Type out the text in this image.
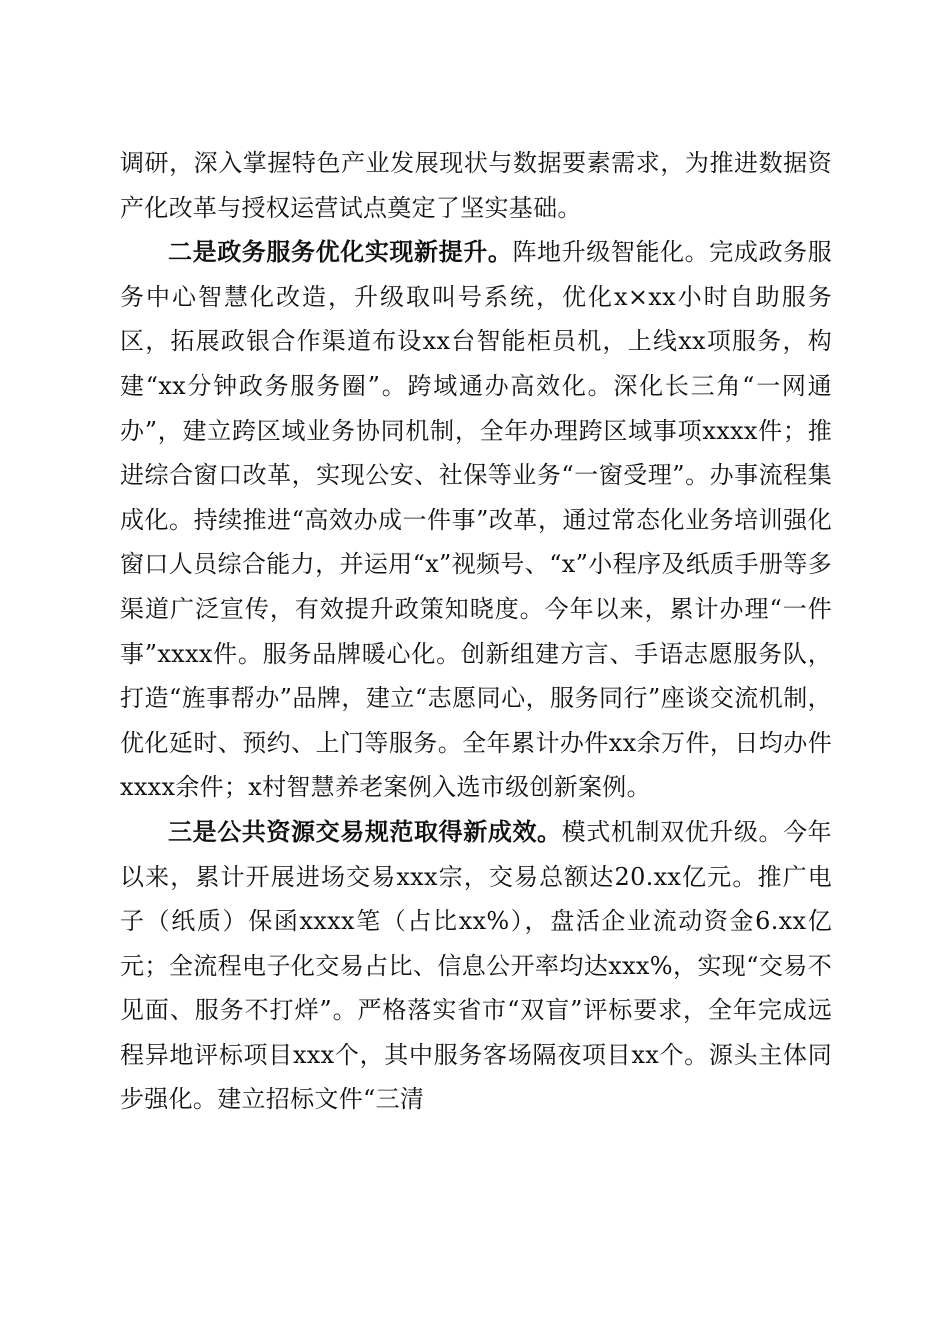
调研，深入掌握特色产业发展现状与数据要素需求，为推进数据资产化改革与授权运营试点奠定了坚实基础。

二是政务服务优化实现新提升。阵地升级智能化。完成政务服务中心智慧化改造，升级取叫号系统，优化x×xx小时自助服务区，拓展政银合作渠道布设xx台智能柜员机，上线xx项服务，构建“xx分钟政务服务圈”。跨域通办高效化。深化长三角“一网通办”，建立跨区域业务协同机制，全年办理跨区域事项xxxx件；推进综合窗口改革，实现公安、社保等业务“一窗受理”。办事流程集成化。持续推进“高效办成一件事”改革，通过常态化业务培训强化窗口人员综合能力，并运用“x”视频号、“x”小程序及纸质手册等多渠道广泛宣传，有效提升政策知晓度。今年以来，累计办理“一件事”xxxx件。服务品牌暖心化。创新组建方言、手语志愿服务队，打造“旌事帮办”品牌，建立“志愿同心，服务同行”座谈交流机制，优化延时、预约、上门等服务。全年累计办件xx余万件，日均办件xxxx余件；x村智慧养老案例入选市级创新案例。

三是公共资源交易规范取得新成效。模式机制双优升级。今年以来，累计开展进场交易xxx宗，交易总额达20.xx亿元。推广电子（纸质）保函xxxx笔（占比xx%），盘活企业流动资金6.xx亿元；全流程电子化交易占比、信息公开率均达xxx%，实现“交易不见面、服务不打烊”。严格落实省市“双盲”评标要求，全年完成远程异地评标项目xxx个，其中服务客场隔夜项目xx个。源头主体同步强化。建立招标文件“三清
